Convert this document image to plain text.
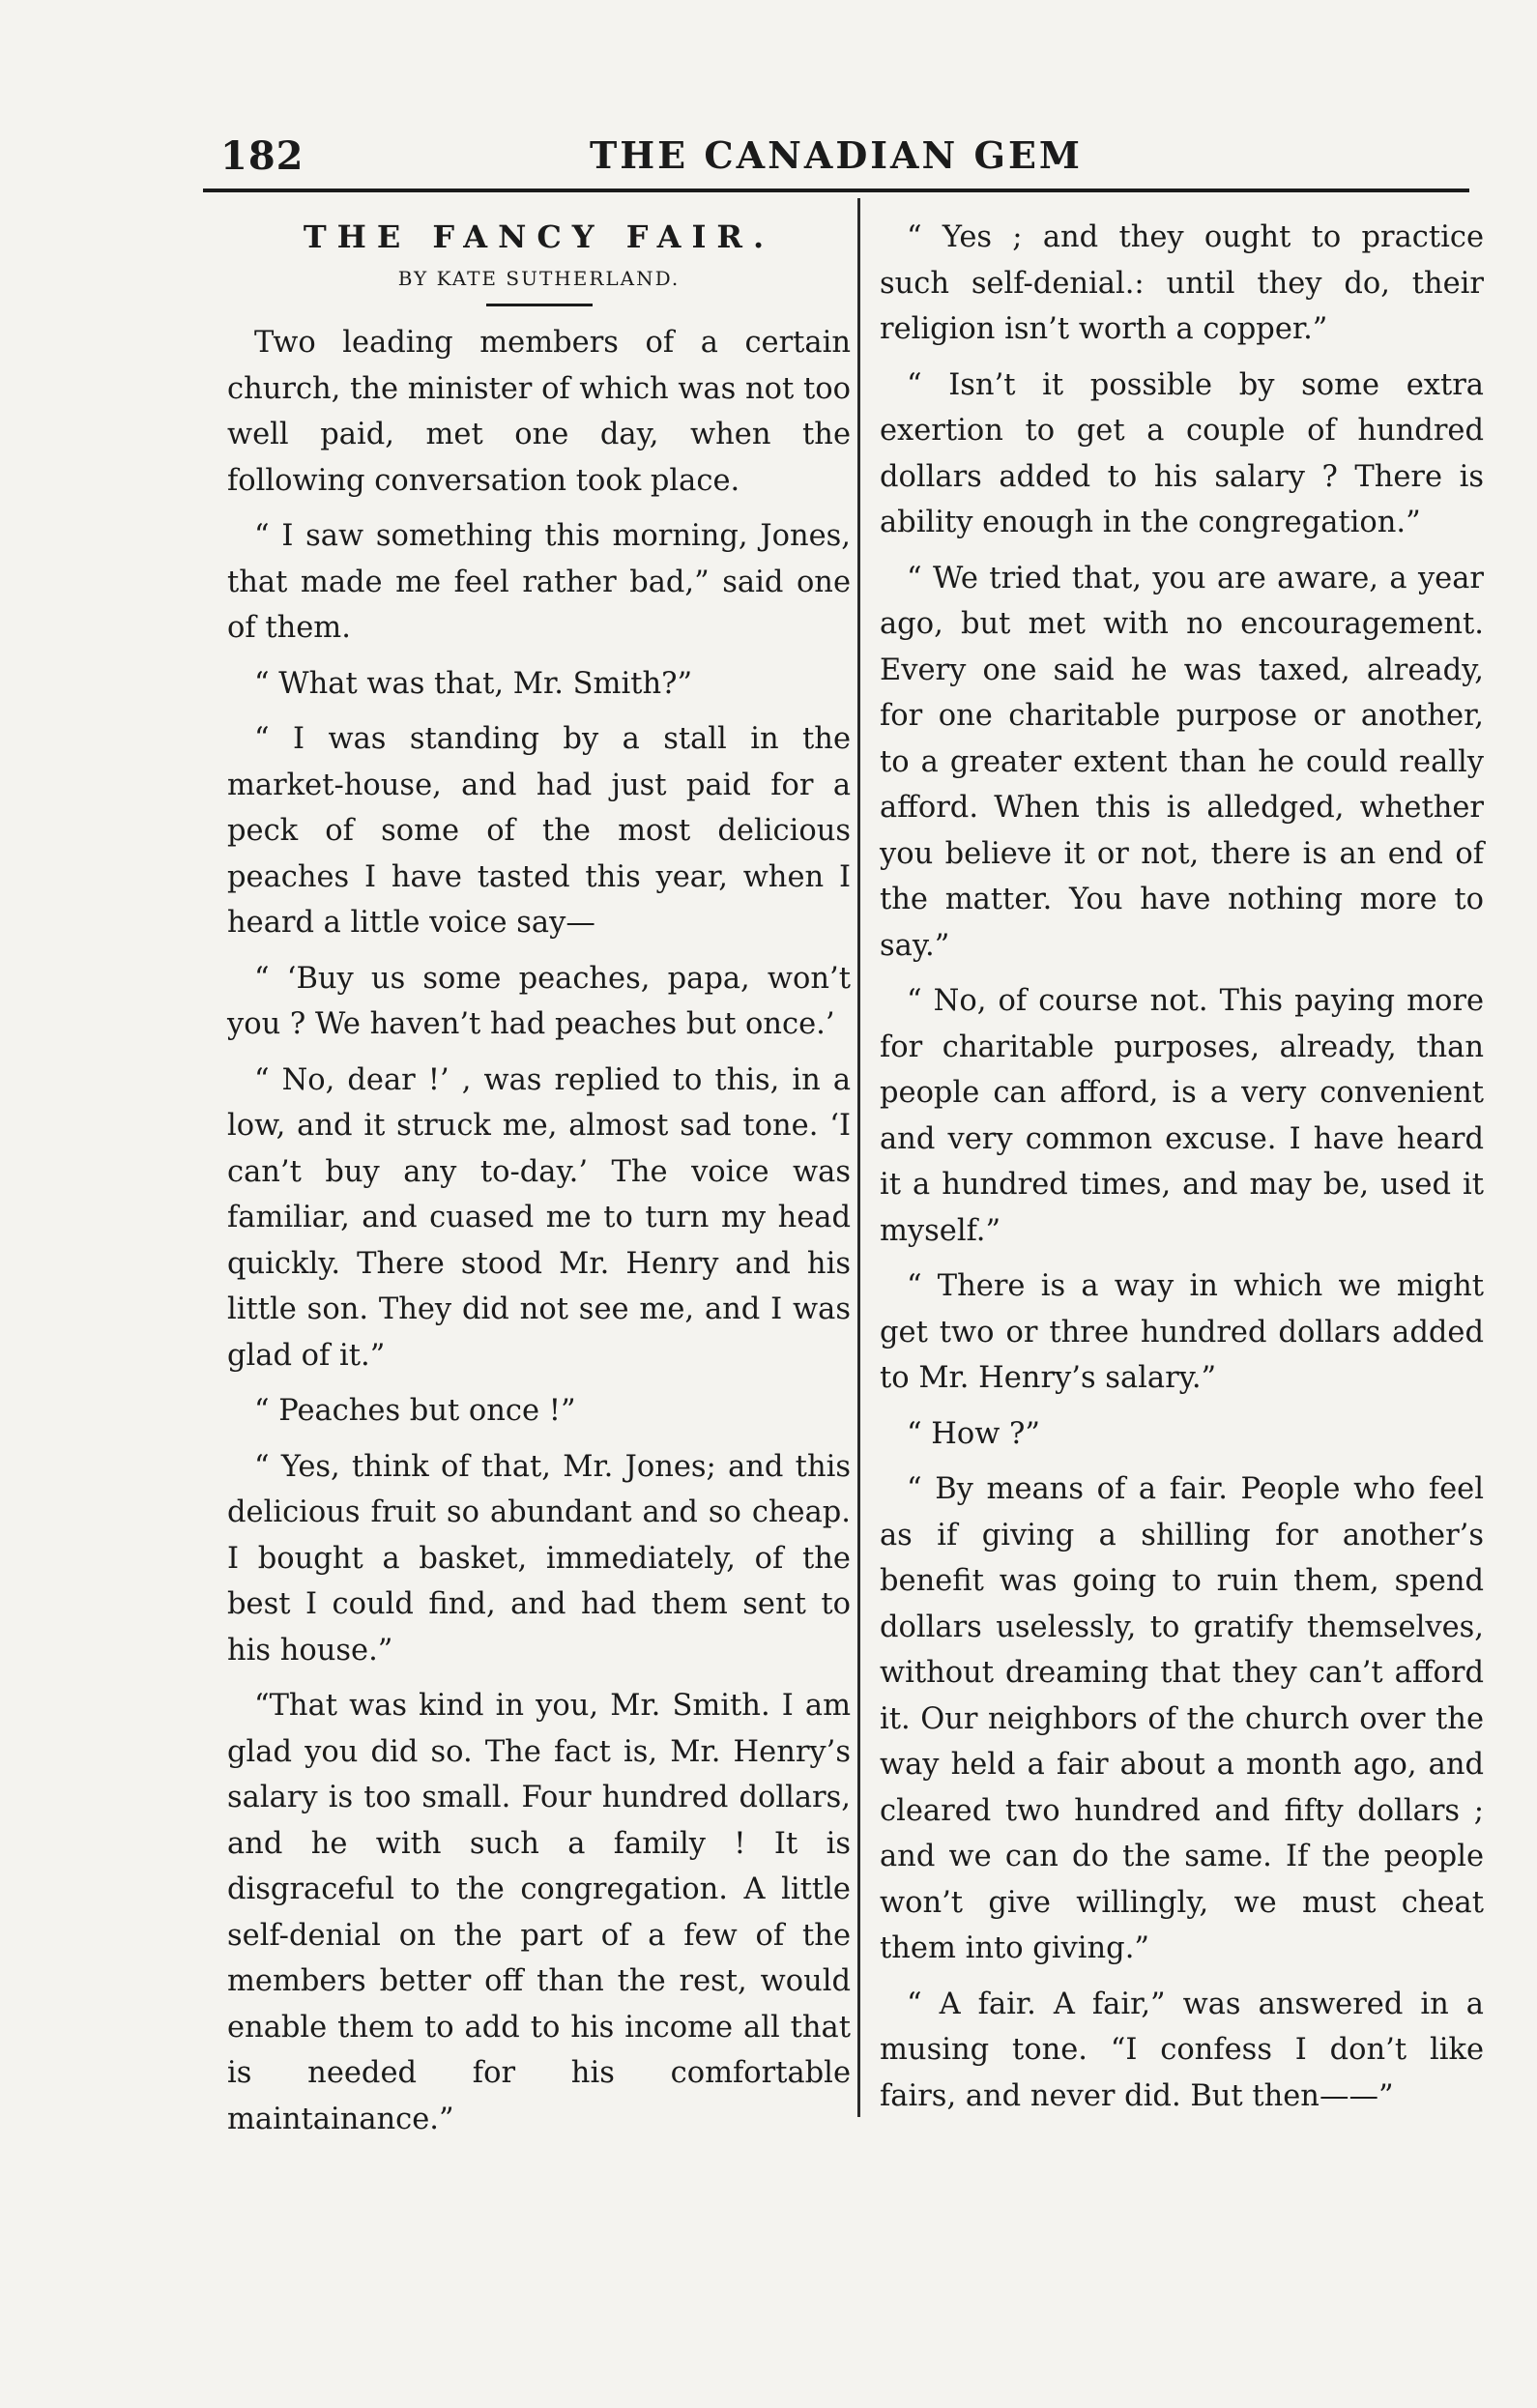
182	THE CANADIAN GEM
THE FANCY FAIR.
BY KATE SUTHERLAND.

Two leading members of a certain church, the minister of which was not too well paid, met one day, when the following conversation took place.

“ I saw something this morning, Jones, that made me feel rather bad,” said one of them.

“ What was that, Mr. Smith?”

“ I was standing by a stall in the market-house, and had just paid for a peck of some of the most delicious peaches I have tasted this year, when I heard a little voice say—

“ ‘Buy us some peaches, papa, won’t you ? We haven’t had peaches but once.’

“ No, dear !’ , was replied to this, in a low, and it struck me, almost sad tone. ‘I can’t buy any to-day.’ The voice was familiar, and cuased me to turn my head quickly. There stood Mr. Henry and his little son. They did not see me, and I was glad of it.”

“ Peaches but once !”

“ Yes, think of that, Mr. Jones; and this delicious fruit so abundant and so cheap. I bought a basket, immediately, of the best I could find, and had them sent to his house.”

“That was kind in you, Mr. Smith. I am glad you did so. The fact is, Mr. Henry’s salary is too small. Four hundred dollars, and he with such a family ! It is disgraceful to the congregation. A little self-denial on the part of a few of the members better off than the rest, would enable them to add to his income all that is needed for his comfortable maintainance.”

“ Yes ; and they ought to practice such self-denial.: until they do, their religion isn’t worth a copper.”

“ Isn’t it possible by some extra exertion to get a couple of hundred dollars added to his salary ? There is ability enough in the congregation.”

“ We tried that, you are aware, a year ago, but met with no encouragement. Every one said he was taxed, already, for one charitable purpose or another, to a greater extent than he could really afford. When this is alledged, whether you believe it or not, there is an end of the matter. You have nothing more to say.”

“ No, of course not. This paying more for charitable purposes, already, than people can afford, is a very convenient and very common excuse. I have heard it a hundred times, and may be, used it myself.”

“ There is a way in which we might get two or three hundred dollars added to Mr. Henry’s salary.”

“ How ?”

“ By means of a fair. People who feel as if giving a shilling for another’s benefit was going to ruin them, spend dollars uselessly, to gratify themselves, without dreaming that they can’t afford it. Our neighbors of the church over the way held a fair about a month ago, and cleared two hundred and fifty dollars ; and we can do the same. If the people won’t give willingly, we must cheat them into giving.”

“ A fair. A fair,” was answered in a musing tone. “I confess I don’t like fairs, and never did. But then——”
